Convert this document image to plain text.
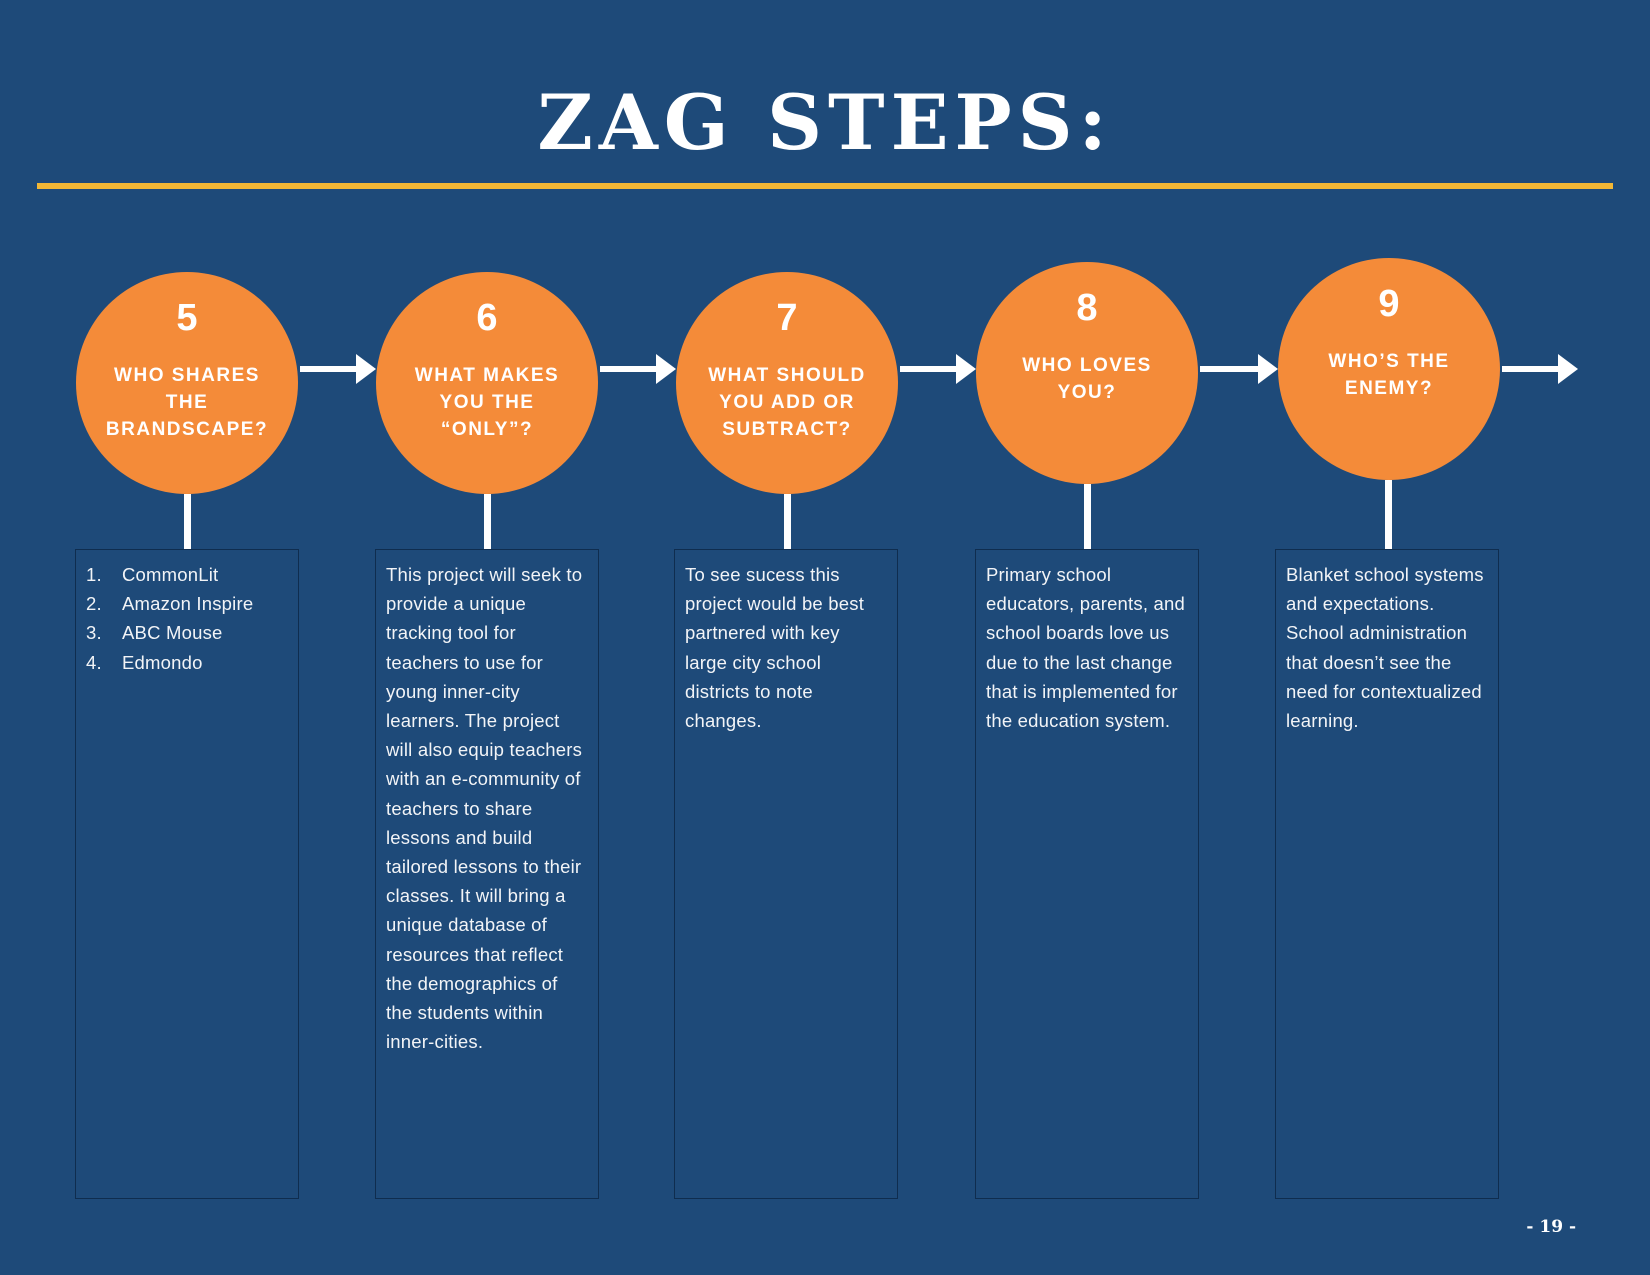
ZAG STEPS:
5
WHO SHARES THE BRANDSCAPE?
1.	CommonLit
2.	Amazon Inspire
3.	ABC Mouse
4.	Edmondo
6
WHAT MAKES YOU THE “ONLY”?
This project will seek to provide a unique tracking tool for teachers to use for young inner-city learners. The project will also equip teachers with an e-community of teachers to share lessons and build tailored lessons to their classes. It will bring a unique database of resources that reflect the demographics of the students within inner-cities.
7
WHAT SHOULD YOU ADD OR SUBTRACT?
To see sucess this project would be best partnered with key large city school districts to note changes.
8
WHO LOVES YOU?
Primary school educators, parents, and school boards love us due to the last change that is implemented for the education system.
9
WHO’S THE ENEMY?
Blanket school systems and expectations. School administration that doesn’t see the need for contextualized learning.
- 19 -
